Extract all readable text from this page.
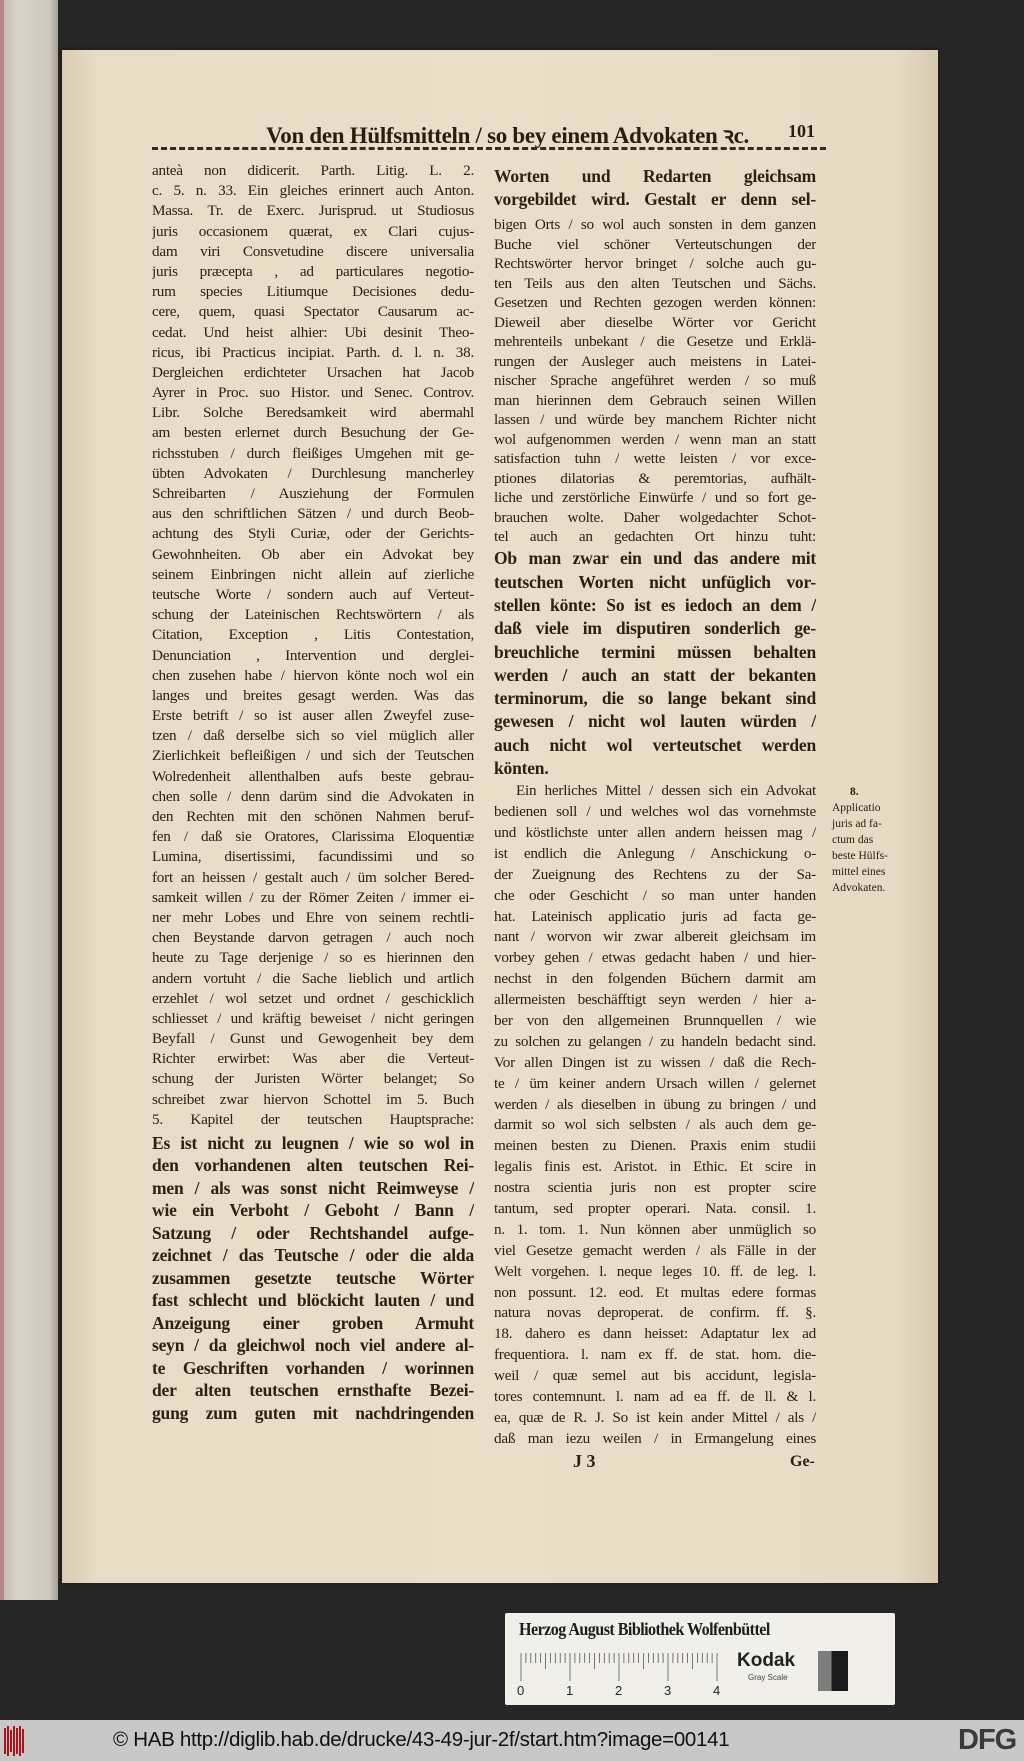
Von den Hülfsmitteln / so bey einem Advokaten ꝛc.	101
anteà non didicerit. Parth. Litig. L. 2.
c. 5. n. 33. Ein gleiches erinnert auch Anton.
Massa. Tr. de Exerc. Jurisprud. ut Studiosus
juris occasionem quærat, ex Clari cujus-
dam viri Consvetudine discere universalia
juris præcepta , ad particulares negotio-
rum species Litiumque Decisiones dedu-
cere, quem, quasi Spectator Causarum ac-
cedat. Und heist alhier: Ubi desinit Theo-
ricus, ibi Practicus incipiat. Parth. d. l. n. 38.
Dergleichen erdichteter Ursachen hat Jacob
Ayrer in Proc. suo Histor. und Senec. Controv.
Libr. Solche Beredsamkeit wird abermahl
am besten erlernet durch Besuchung der Ge-
richsstuben / durch fleißiges Umgehen mit ge-
übten Advokaten / Durchlesung mancherley
Schreibarten / Ausziehung der Formulen
aus den schriftlichen Sätzen / und durch Beob-
achtung des Styli Curiæ, oder der Gerichts-
Gewohnheiten. Ob aber ein Advokat bey
seinem Einbringen nicht allein auf zierliche
teutsche Worte / sondern auch auf Verteut-
schung der Lateinischen Rechtswörtern / als
Citation, Exception , Litis Contestation,
Denunciation , Intervention und derglei-
chen zusehen habe / hiervon könte noch wol ein
langes und breites gesagt werden. Was das
Erste betrift / so ist auser allen Zweyfel zuse-
tzen / daß derselbe sich so viel müglich aller
Zierlichkeit befleißigen / und sich der Teutschen
Wolredenheit allenthalben aufs beste gebrau-
chen solle / denn darüm sind die Advokaten in
den Rechten mit den schönen Nahmen beruf-
fen / daß sie Oratores, Clarissima Eloquentiæ
Lumina, disertissimi, facundissimi und so
fort an heissen / gestalt auch / üm solcher Bered-
samkeit willen / zu der Römer Zeiten / immer ei-
ner mehr Lobes und Ehre von seinem rechtli-
chen Beystande darvon getragen / auch noch
heute zu Tage derjenige / so es hierinnen den
andern vortuht / die Sache lieblich und artlich
erzehlet / wol setzet und ordnet / geschicklich
schliesset / und kräftig beweiset / nicht geringen
Beyfall / Gunst und Gewogenheit bey dem
Richter erwirbet: Was aber die Verteut-
schung der Juristen Wörter belanget; So
schreibet zwar hiervon Schottel im 5. Buch
5. Kapitel der teutschen Hauptsprache:
Es ist nicht zu leugnen / wie so wol in
den vorhandenen alten teutschen Rei-
men / als was sonst nicht Reimweyse /
wie ein Verboht / Geboht / Bann /
Satzung / oder Rechtshandel aufge-
zeichnet / das Teutsche / oder die alda
zusammen gesetzte teutsche Wörter
fast schlecht und blöckicht lauten / und
Anzeigung einer groben Armuht
seyn / da gleichwol noch viel andere al-
te Geschriften vorhanden / worinnen
der alten teutschen ernsthafte Bezei-
gung zum guten mit nachdringenden
Worten und Redarten gleichsam
vorgebildet wird. Gestalt er denn sel-
bigen Orts / so wol auch sonsten in dem ganzen
Buche viel schöner Verteutschungen der
Rechtswörter hervor bringet / solche auch gu-
ten Teils aus den alten Teutschen und Sächs.
Gesetzen und Rechten gezogen werden können:
Dieweil aber dieselbe Wörter vor Gericht
mehrenteils unbekant / die Gesetze und Erklä-
rungen der Ausleger auch meistens in Latei-
nischer Sprache angeführet werden / so muß
man hierinnen dem Gebrauch seinen Willen
lassen / und würde bey manchem Richter nicht
wol aufgenommen werden / wenn man an statt
satisfaction tuhn / wette leisten / vor exce-
ptiones dilatorias & peremtorias, aufhält-
liche und zerstörliche Einwürfe / und so fort ge-
brauchen wolte. Daher wolgedachter Schot-
tel auch an gedachten Ort hinzu tuht:
Ob man zwar ein und das andere mit
teutschen Worten nicht unfüglich vor-
stellen könte: So ist es iedoch an dem /
daß viele im disputiren sonderlich ge-
breuchliche termini müssen behalten
werden / auch an statt der bekanten
terminorum, die so lange bekant sind
gewesen / nicht wol lauten würden /
auch nicht wol verteutschet werden
könten.
Ein herliches Mittel / dessen sich ein Advokat
bedienen soll / und welches wol das vornehmste
und köstlichste unter allen andern heissen mag /
ist endlich die Anlegung / Anschickung o-
der Zueignung des Rechtens zu der Sa-
che oder Geschicht / so man unter handen
hat. Lateinisch applicatio juris ad facta ge-
nant / worvon wir zwar albereit gleichsam im
vorbey gehen / etwas gedacht haben / und hier-
nechst in den folgenden Büchern darmit am
allermeisten beschäfftigt seyn werden / hier a-
ber von den allgemeinen Brunnquellen / wie
zu solchen zu gelangen / zu handeln bedacht sind.
Vor allen Dingen ist zu wissen / daß die Rech-
te / üm keiner andern Ursach willen / gelernet
werden / als dieselben in übung zu bringen / und
darmit so wol sich selbsten / als auch dem ge-
meinen besten zu Dienen. Praxis enim studii
legalis finis est. Aristot. in Ethic. Et scire in
nostra scientia juris non est propter scire
tantum, sed propter operari. Nata. consil. 1.
n. 1. tom. 1. Nun können aber unmüglich so
viel Gesetze gemacht werden / als Fälle in der
Welt vorgehen. l. neque leges 10. ff. de leg. l.
non possunt. 12. eod. Et multas edere formas
natura novas deproperat. de confirm. ff. §.
18. dahero es dann heisset: Adaptatur lex ad
frequentiora. l. nam ex ff. de stat. hom. die-
weil / quæ semel aut bis accidunt, legisla-
tores contemnunt. l. nam ad ea ff. de ll. & l.
ea, quæ de R. J. So ist kein ander Mittel / als /
daß man iezu weilen / in Ermangelung eines
8.
Applicatio
juris ad fa-
ctum das
beste Hülfs-
mittel eines
Advokaten.
J 3	Ge-
Herzog August Bibliothek Wolfenbüttel
0	1	2	3	4
Kodak
Gray Scale
© HAB http://diglib.hab.de/drucke/43-49-jur-2f/start.htm?image=00141	DFG
